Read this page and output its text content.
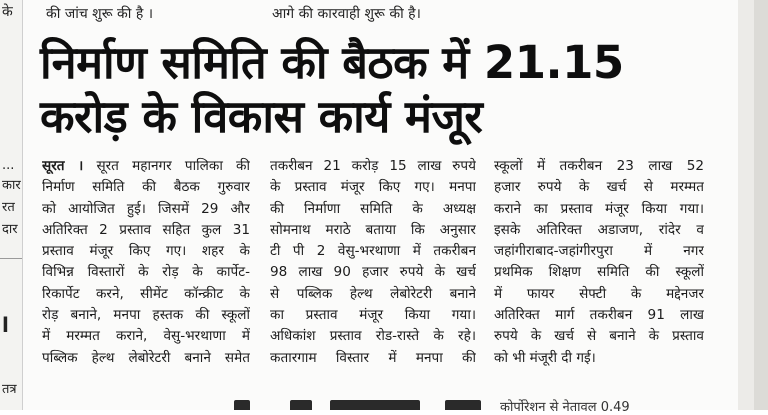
...
कार
रत
दार
l
तत्र
की जांच शुरू की है ।	आगे की कारवाही शुरू की है।
के
निर्माण समिति की बैठक में 21.15
करोड़ के विकास कार्य मंजूर
सूरत । सूरत महानगर पालिका की
निर्माण समिति की बैठक गुरुवार
को आयोजित हुई। जिसमें 29 और
अतिरिक्त 2 प्रस्ताव सहित कुल 31
प्रस्ताव मंजूर किए गए। शहर के
विभिन्न विस्तारों के रोड़ के कार्पेट-
रिकार्पेट करने, सीमेंट कॉन्क्रीट के
रोड़ बनाने, मनपा हस्तक की स्कूलों
में मरम्मत कराने, वेसु-भरथाणा में
पब्लिक हेल्थ लेबोरेटरी बनाने समेत
तकरीबन 21 करोड़ 15 लाख रुपये
के प्रस्ताव मंजूर किए गए। मनपा
की निर्माणा समिति के अध्यक्ष
सोमनाथ मराठे बताया कि अनुसार
टी पी 2 वेसु-भरथाणा में तकरीबन
98 लाख 90 हजार रुपये के खर्च
से पब्लिक हेल्थ लेबोरेटरी बनाने
का प्रस्ताव मंजूर किया गया।
अधिकांश प्रस्ताव रोड-रास्ते के रहे।
कतारगाम विस्तार में मनपा की
स्कूलों में तकरीबन 23 लाख 52
हजार रुपये के खर्च से मरम्मत
कराने का प्रस्ताव मंजूर किया गया।
इसके अतिरिक्त अडाजण, रांदेर व
जहांगीराबाद-जहांगीरपुरा में नगर
प्रथमिक शिक्षण समिति की स्कूलों
में फायर सेफ्टी के मद्देनजर
अतिरिक्त मार्ग तकरीबन 91 लाख
रुपये के खर्च से बनाने के प्रस्ताव
को भी मंजूरी दी गई।
कोर्पोरेशन से नेतावल 0.49
